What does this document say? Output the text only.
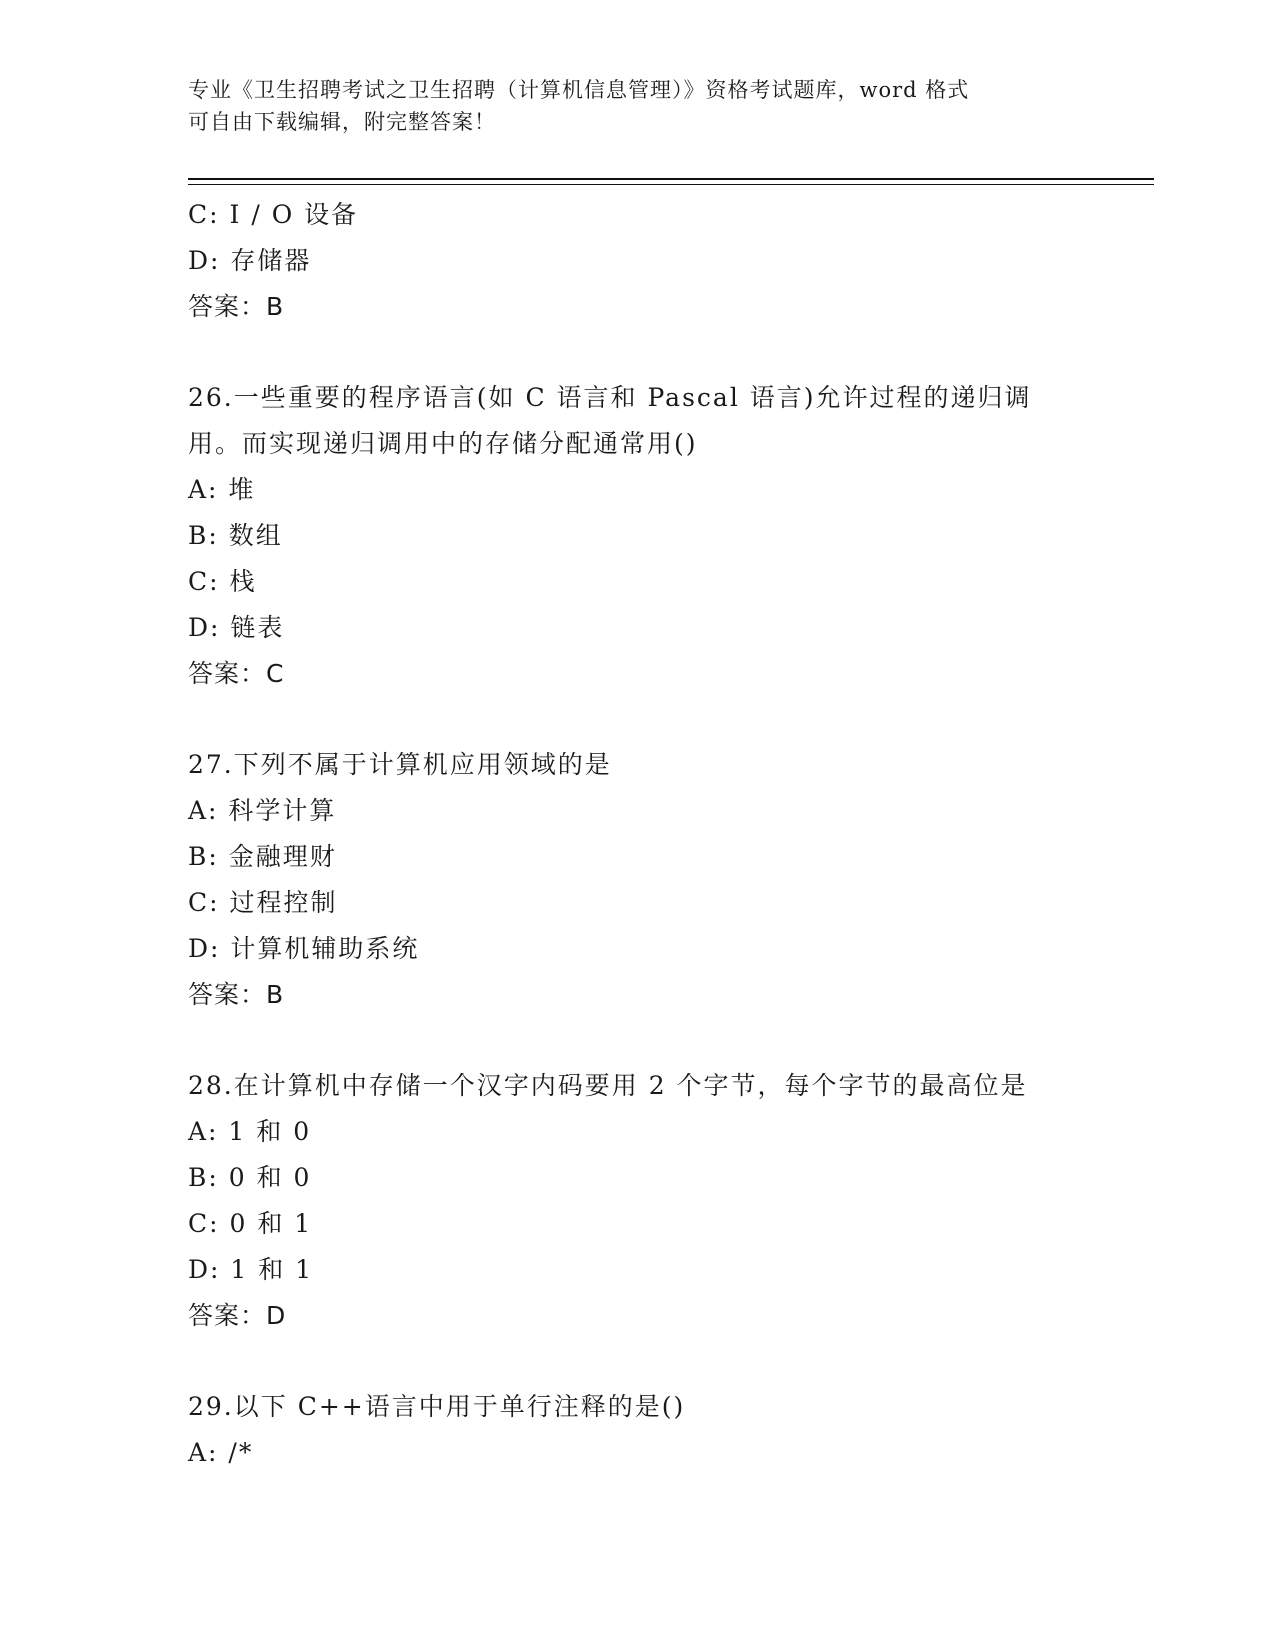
专业《卫生招聘考试之卫生招聘（计算机信息管理）》资格考试题库，word 格式
可自由下载编辑，附完整答案！
C: I / O 设备
D: 存储器
答案：B
26.一些重要的程序语言(如 C 语言和 Pascal 语言)允许过程的递归调
用。而实现递归调用中的存储分配通常用()
A: 堆
B: 数组
C: 栈
D: 链表
答案：C
27.下列不属于计算机应用领域的是
A: 科学计算
B: 金融理财
C: 过程控制
D: 计算机辅助系统
答案：B
28.在计算机中存储一个汉字内码要用 2 个字节，每个字节的最高位是
A: 1 和 0
B: 0 和 0
C: 0 和 1
D: 1 和 1
答案：D
29.以下 C++语言中用于单行注释的是()
A: /*
